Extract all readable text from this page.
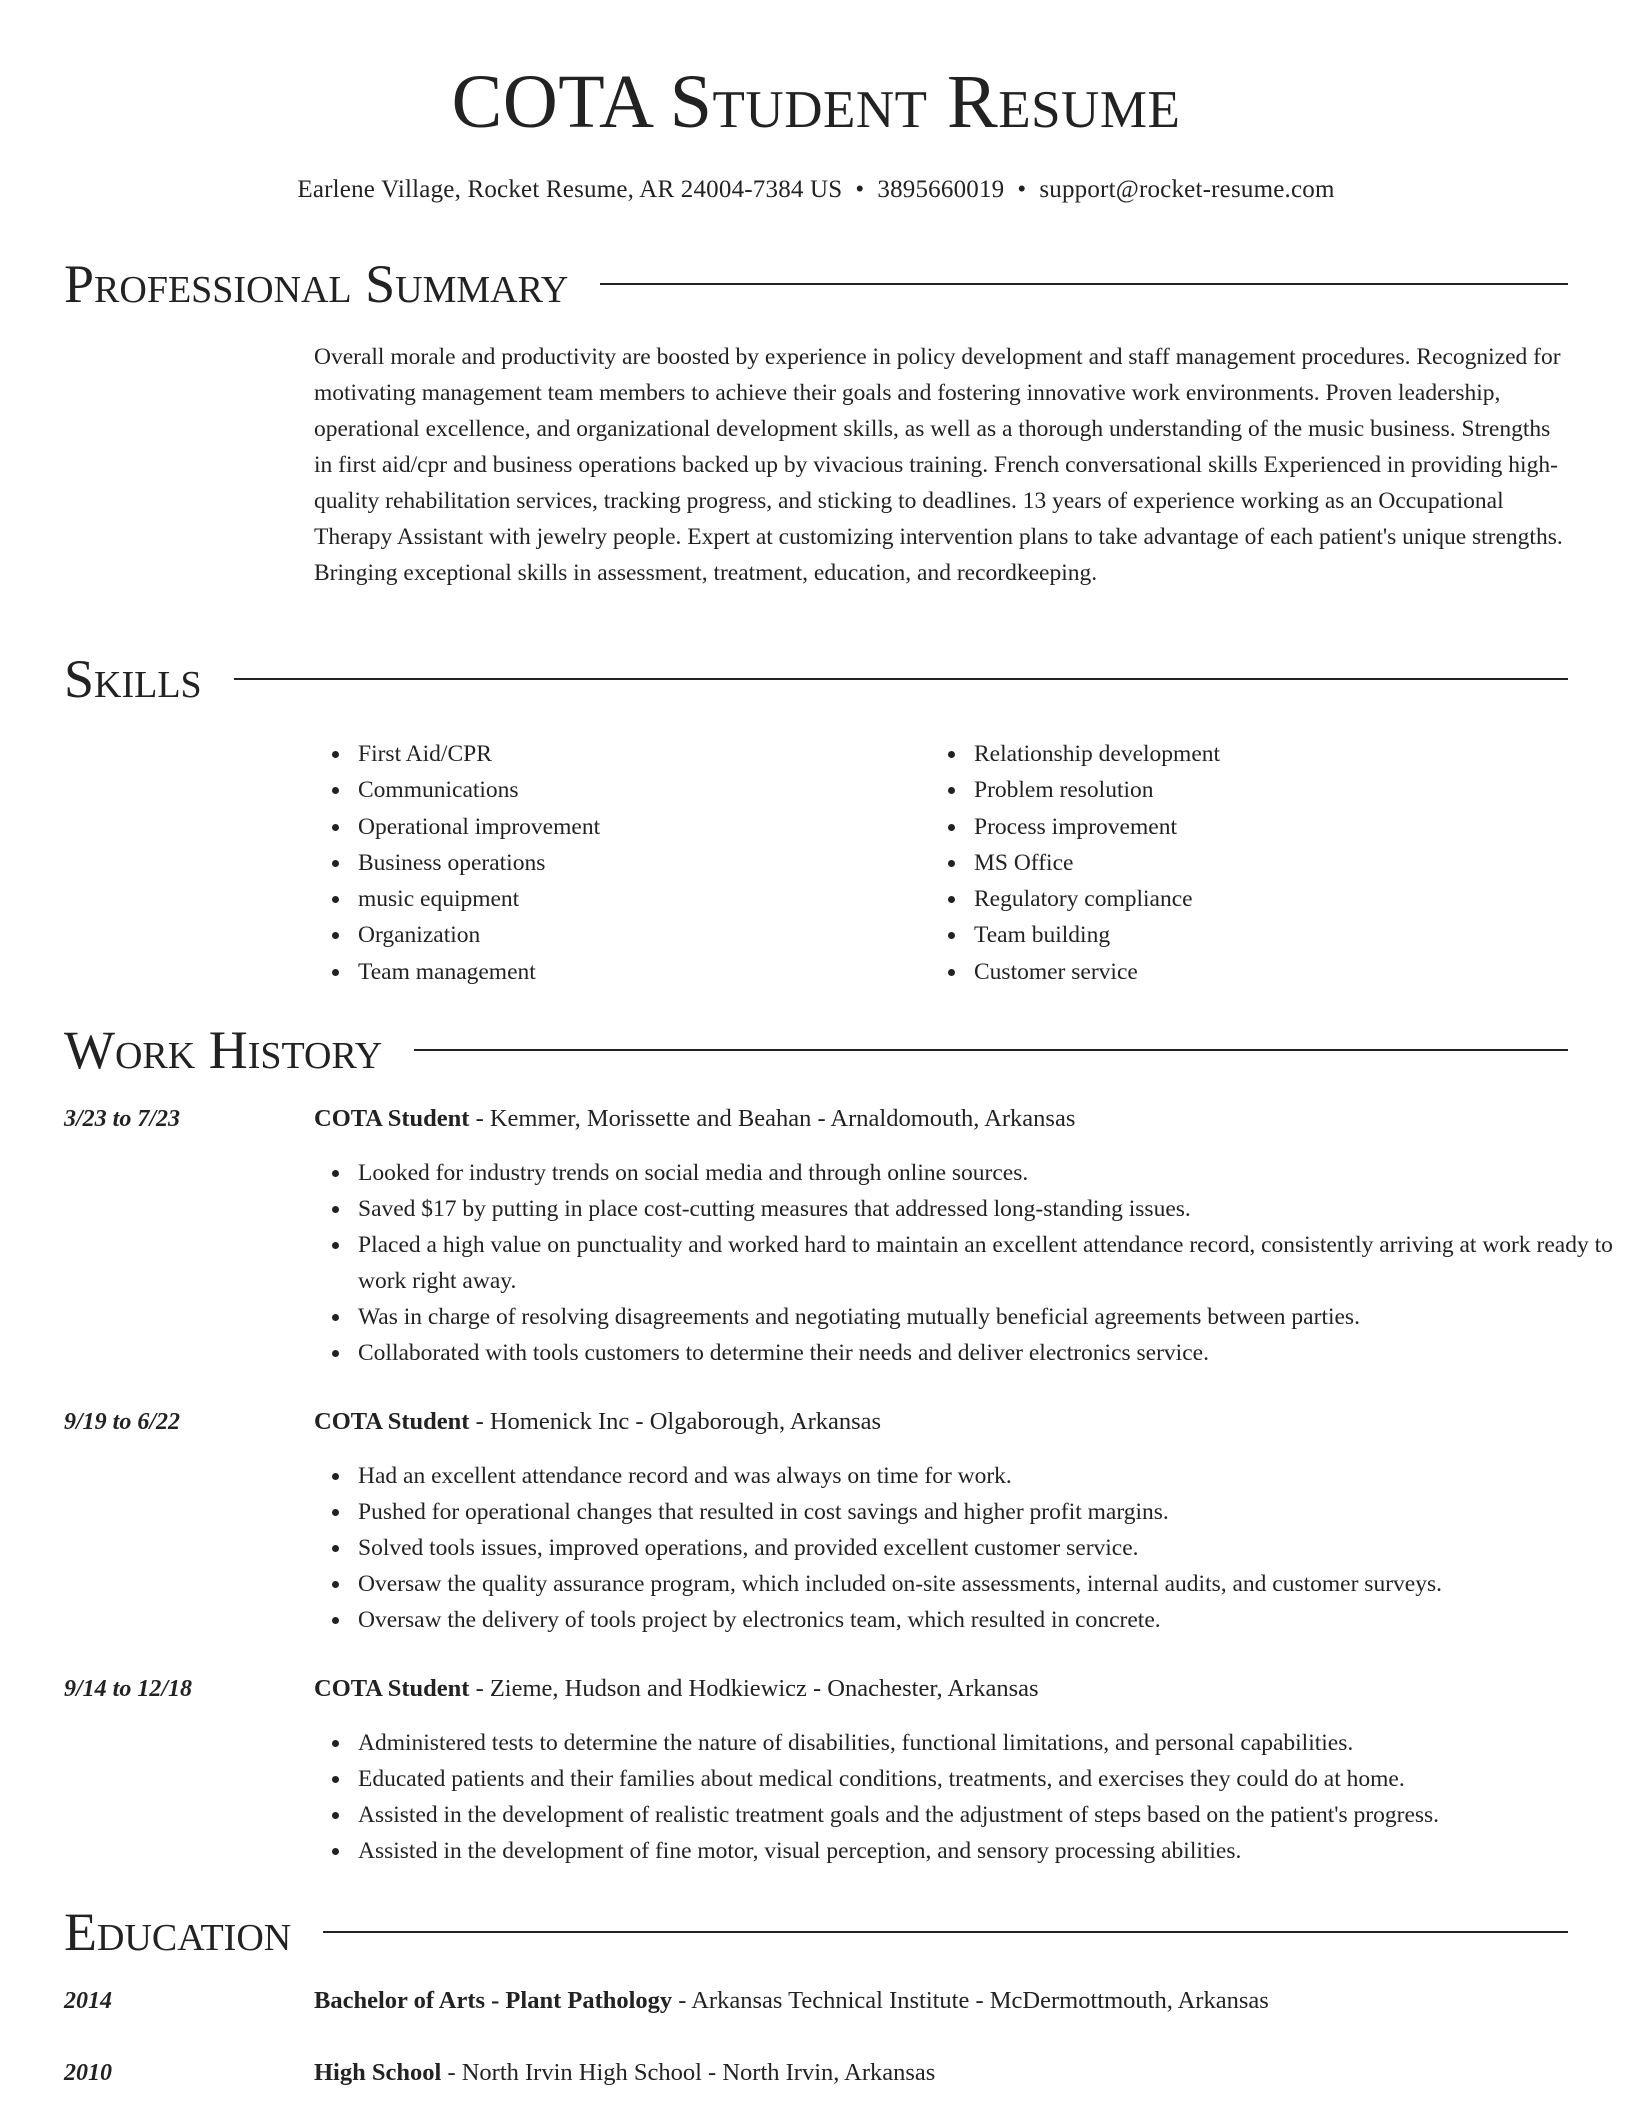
COTA Student Resume
Earlene Village, Rocket Resume, AR 24004-7384 US • 3895660019 • support@rocket-resume.com
Professional Summary

Overall morale and productivity are boosted by experience in policy development and staff management procedures. Recognized for motivating management team members to achieve their goals and fostering innovative work environments. Proven leadership, operational excellence, and organizational development skills, as well as a thorough understanding of the music business. Strengths in first aid/cpr and business operations backed up by vivacious training. French conversational skills Experienced in providing high-quality rehabilitation services, tracking progress, and sticking to deadlines. 13 years of experience working as an Occupational Therapy Assistant with jewelry people. Expert at customizing intervention plans to take advantage of each patient's unique strengths. Bringing exceptional skills in assessment, treatment, education, and recordkeeping.

Skills
First Aid/CPR
Communications
Operational improvement
Business operations
music equipment
Organization
Team management
Relationship development
Problem resolution
Process improvement
MS Office
Regulatory compliance
Team building
Customer service
Work History
3/23 to 7/23	COTA Student - Kemmer, Morissette and Beahan - Arnaldomouth, Arkansas
Looked for industry trends on social media and through online sources.
Saved $17 by putting in place cost-cutting measures that addressed long-standing issues.
Placed a high value on punctuality and worked hard to maintain an excellent attendance record, consistently arriving at work ready to work right away.
Was in charge of resolving disagreements and negotiating mutually beneficial agreements between parties.
Collaborated with tools customers to determine their needs and deliver electronics service.
9/19 to 6/22	COTA Student - Homenick Inc - Olgaborough, Arkansas
Had an excellent attendance record and was always on time for work.
Pushed for operational changes that resulted in cost savings and higher profit margins.
Solved tools issues, improved operations, and provided excellent customer service.
Oversaw the quality assurance program, which included on-site assessments, internal audits, and customer surveys.
Oversaw the delivery of tools project by electronics team, which resulted in concrete.
9/14 to 12/18	COTA Student - Zieme, Hudson and Hodkiewicz - Onachester, Arkansas
Administered tests to determine the nature of disabilities, functional limitations, and personal capabilities.
Educated patients and their families about medical conditions, treatments, and exercises they could do at home.
Assisted in the development of realistic treatment goals and the adjustment of steps based on the patient's progress.
Assisted in the development of fine motor, visual perception, and sensory processing abilities.
Education
2014	Bachelor of Arts - Plant Pathology - Arkansas Technical Institute - McDermottmouth, Arkansas
2010	High School - North Irvin High School - North Irvin, Arkansas
